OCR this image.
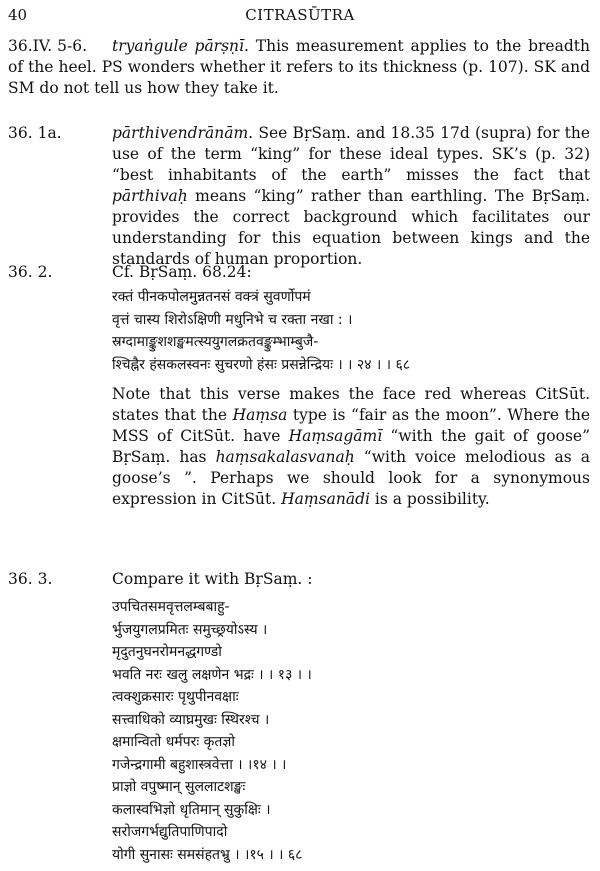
40	CITRASŪTRA
36.IV. 5-6. tryaṅgule pārṣṇī. This measurement applies to the breadth of the heel. PS wonders whether it refers to its thickness (p. 107). SK and SM do not tell us how they take it.
36. 1a.	pārthivendrānām. See BṛSaṃ. and 18.35 17d (supra) for the use of the term “king” for these ideal types. SK’s (p. 32) “best inhabitants of the earth” misses the fact that pārthivaḥ means “king” rather than earthling. The BṛSaṃ. provides the correct background which facilitates our understanding for this equation between kings and the standards of human proportion.
36. 2.	Cf. BṛSaṃ. 68.24:
रक्तं पीनकपोलमुन्नतनसं वक्त्रं सुवर्णोपमं
वृत्तं चास्य शिरोऽक्षिणी मधुनिभे च रक्ता नखा : ।
स्रग्दामाङ्कुशशङ्खमत्स्ययुगलक्रतवङ्कुम्भाम्बुजै-
श्चिह्नैर हंसकलस्वनः सुचरणो हंसः प्रसन्नेन्द्रियः । । २४ । । ६८
Note that this verse makes the face red whereas CitSūt. states that the Haṃsa type is “fair as the moon”. Where the MSS of CitSūt. have Haṃsagāmī “with the gait of goose” BṛSaṃ. has haṃsakalasvanaḥ “with voice melodious as a goose’s ”. Perhaps we should look for a synonymous expression in CitSūt. Haṃsanādi is a possibility.
36. 3.	Compare it with BṛSaṃ. :
उपचितसमवृत्तलम्बबाहु-
र्भुजयुगलप्रमितः समुच्छ्रयोऽस्य ।
मृदुतनुघनरोमनद्धगण्डो
भवति नरः खलु लक्षणेन भद्रः । । १३ । ।
त्वक्शुक्रसारः पृथुपीनवक्षाः
सत्त्वाधिको व्याघ्रमुखः स्थिरश्च ।
क्षमान्वितो धर्मपरः कृतज्ञो
गजेन्द्रगामी बहुशास्त्रवेत्ता । ।१४ । ।
प्राज्ञो वपुष्मान् सुललाटशङ्खः
कलास्वभिज्ञो धृतिमान् सुकुक्षिः ।
सरोजगर्भद्युतिपाणिपादो
योगी सुनासः समसंहतभ्रु । ।१५ । । ६८
